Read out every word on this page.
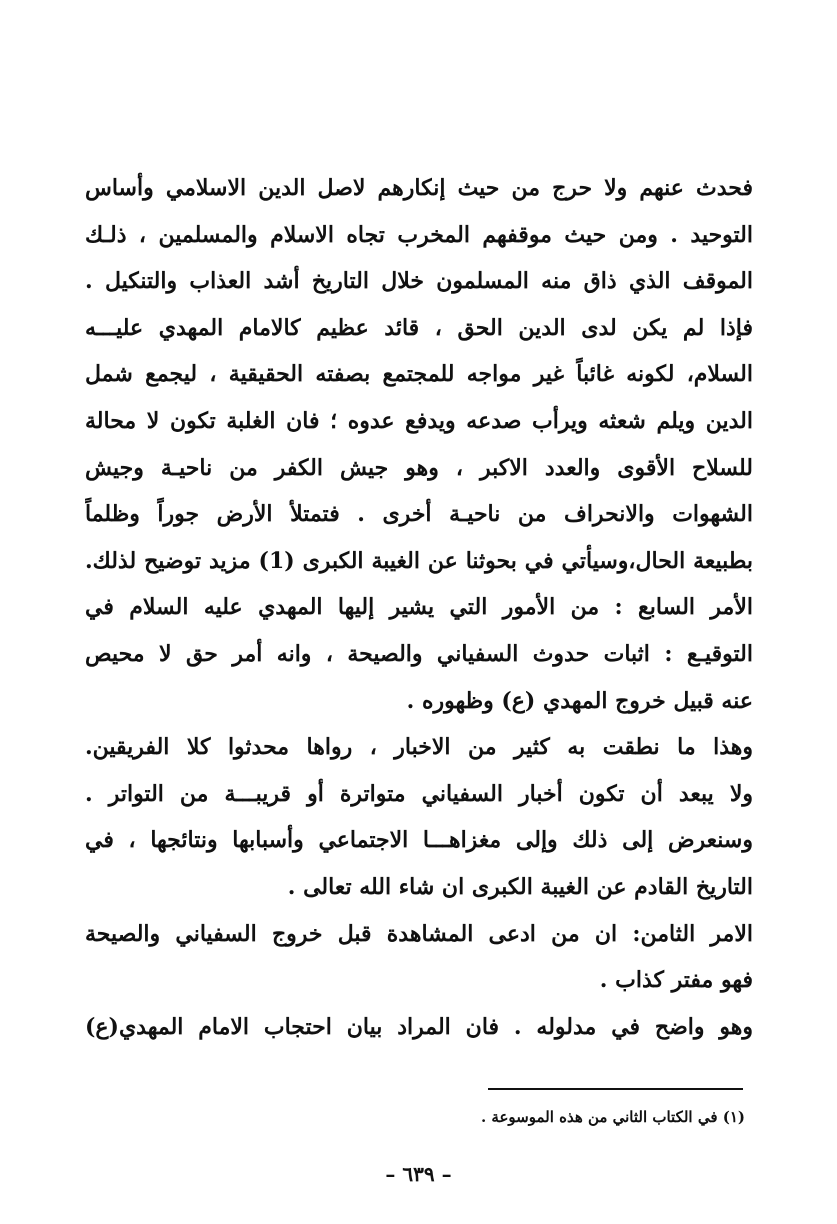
فحدث عنهم ولا حرج من حيث إنكارهم لاصل الدين الاسلامي وأساس
التوحيد . ومن حيث موقفهم المخرب تجاه الاسلام والمسلمين ، ذلـك
الموقف الذي ذاق منه المسلمون خلال التاريخ أشد العذاب والتنكيل .
فإذا لم يكن لدى الدين الحق ، قائد عظيم كالامام المهدي عليـــه
السلام، لكونه غائباً غير مواجه للمجتمع بصفته الحقيقية ، ليجمع شمل
الدين ويلم شعثه ويرأب صدعه ويدفع عدوه ؛ فان الغلبة تكون لا محالة
للسلاح الأقوى والعدد الاكبر ، وهو جيش الكفر من ناحيـة وجيش
الشهوات والانحراف من ناحيـة أخرى . فتمتلأ الأرض جوراً وظلماً
بطبيعة الحال،وسيأتي في بحوثنا عن الغيبة الكبرى (1) مزيد توضيح لذلك.
الأمر السابع : من الأمور التي يشير إليها المهدي عليه السلام في
التوقيـع : اثبات حدوث السفياني والصيحة ، وانه أمر حق لا محيص
عنه قبيل خروج المهدي (ع) وظهوره .
وهذا ما نطقت به كثير من الاخبار ، رواها محدثوا كلا الفريقين.
ولا يبعد أن تكون أخبار السفياني متواترة أو قريبـــة من التواتر .
وسنعرض إلى ذلك وإلى مغزاهـــا الاجتماعي وأسبابها ونتائجها ، في
التاريخ القادم عن الغيبة الكبرى ان شاء الله تعالى .
الامر الثامن: ان من ادعى المشاهدة قبل خروج السفياني والصيحة
فهو مفتر كذاب .
وهو واضح في مدلوله . فان المراد بيان احتجاب الامام المهدي(ع)
(١) في الكتاب الثاني من هذه الموسوعة .
– ٦٣٩ –
